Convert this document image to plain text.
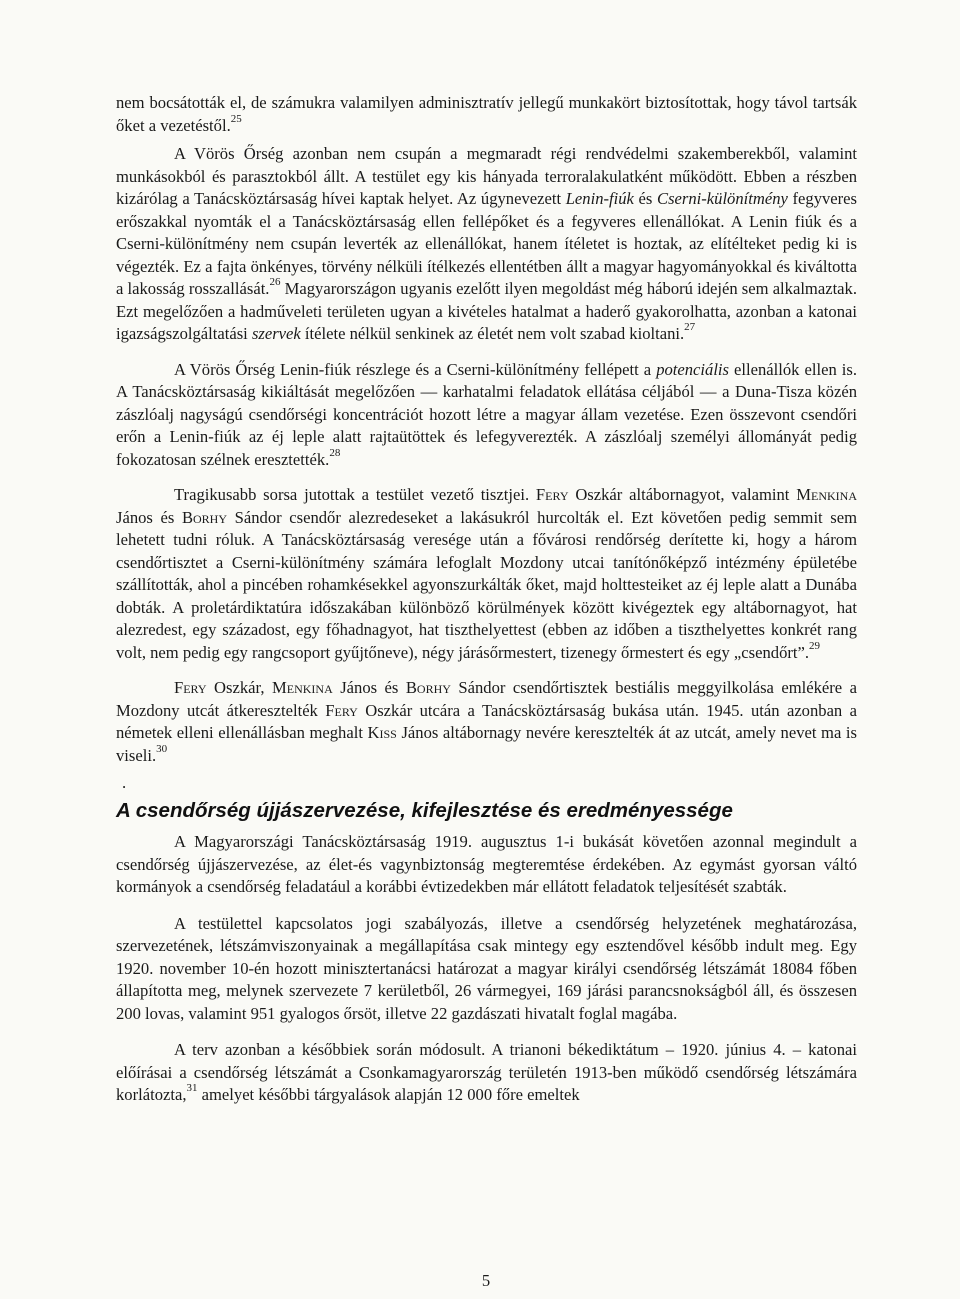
nem bocsátották el, de számukra valamilyen adminisztratív jellegű munkakört biztosítottak, hogy távol tartsák őket a vezetéstől.$^{25}$

A Vörös Őrség azonban nem csupán a megmaradt régi rendvédelmi szakemberekből, valamint munkásokból és parasztokból állt. A testület egy kis hányada terroralakulatként működött. Ebben a részben kizárólag a Tanácsköztársaság hívei kaptak helyet. Az úgynevezett Lenin-fiúk és Cserni-különítmény fegyveres erőszakkal nyomták el a Tanácsköztársaság ellen fellépőket és a fegyveres ellenállókat. A Lenin fiúk és a Cserni-különítmény nem csupán leverték az ellenállókat, hanem ítéletet is hoztak, az elítélteket pedig ki is végezték. Ez a fajta önkényes, törvény nélküli ítélkezés ellentétben állt a magyar hagyományokkal és kiváltotta a lakosság rosszallását.$^{26}$ Magyarországon ugyanis ezelőtt ilyen megoldást még háború idején sem alkalmaztak. Ezt megelőzően a hadműveleti területen ugyan a kivételes hatalmat a haderő gyakorolhatta, azonban a katonai igazságszolgáltatási szervek ítélete nélkül senkinek az életét nem volt szabad kioltani.$^{27}$

A Vörös Őrség Lenin-fiúk részlege és a Cserni-különítmény fellépett a potenciális ellenállók ellen is. A Tanácsköztársaság kikiáltását megelőzően — karhatalmi feladatok ellátása céljából — a Duna-Tisza közén zászlóalj nagyságú csendőrségi koncentrációt hozott létre a magyar állam vezetése. Ezen összevont csendőri erőn a Lenin-fiúk az éj leple alatt rajtaütöttek és lefegyverezték. A zászlóalj személyi állományát pedig fokozatosan szélnek eresztették.$^{28}$

Tragikusabb sorsa jutottak a testület vezető tisztjei. Fery Oszkár altábornagyot, valamint Menkina János és Borhy Sándor csendőr alezredeseket a lakásukról hurcolták el. Ezt követően pedig semmit sem lehetett tudni róluk. A Tanácsköztársaság veresége után a fővárosi rendőrség derítette ki, hogy a három csendőrtisztet a Cserni-különítmény számára lefoglalt Mozdony utcai tanítónőképző intézmény épületébe szállították, ahol a pincében rohamkésekkel agyonszurkálták őket, majd holttesteiket az éj leple alatt a Dunába dobták. A proletárdiktatúra időszakában különböző körülmények között kivégeztek egy altábornagyot, hat alezredest, egy századost, egy főhadnagyot, hat tiszthelyettest (ebben az időben a tiszthelyettes konkrét rang volt, nem pedig egy rangcsoport gyűjtőneve), négy járásőrmestert, tizenegy őrmestert és egy „csendőrt”.$^{29}$

Fery Oszkár, Menkina János és Borhy Sándor csendőrtisztek bestiális meggyilkolása emlékére a Mozdony utcát átkeresztelték Fery Oszkár utcára a Tanácsköztársaság bukása után. 1945. után azonban a németek elleni ellenállásban meghalt Kiss János altábornagy nevére keresztelték át az utcát, amely nevet ma is viseli.$^{30}$

.
A csendőrség újjászervezése, kifejlesztése és eredményessége

A Magyarországi Tanácsköztársaság 1919. augusztus 1-i bukását követően azonnal megindult a csendőrség újjászervezése, az élet-és vagynbiztonság megteremtése érdekében. Az egymást gyorsan váltó kormányok a csendőrség feladatául a korábbi évtizedekben már ellátott feladatok teljesítését szabták.

A testülettel kapcsolatos jogi szabályozás, illetve a csendőrség helyzetének meghatározása, szervezetének, létszámviszonyainak a megállapítása csak mintegy egy esztendővel később indult meg. Egy 1920. november 10-én hozott minisztertanácsi határozat a magyar királyi csendőrség létszámát 18084 főben állapította meg, melynek szervezete 7 kerületből, 26 vármegyei, 169 járási parancsnokságból áll, és összesen 200 lovas, valamint 951 gyalogos őrsöt, illetve 22 gazdászati hivatalt foglal magába.

A terv azonban a későbbiek során módosult. A trianoni békediktátum – 1920. június 4. – katonai előírásai a csendőrség létszámát a Csonkamagyarország területén 1913-ben működő csendőrség létszámára korlátozta,$^{31}$ amelyet későbbi tárgyalások alapján 12 000 főre emeltek

5
